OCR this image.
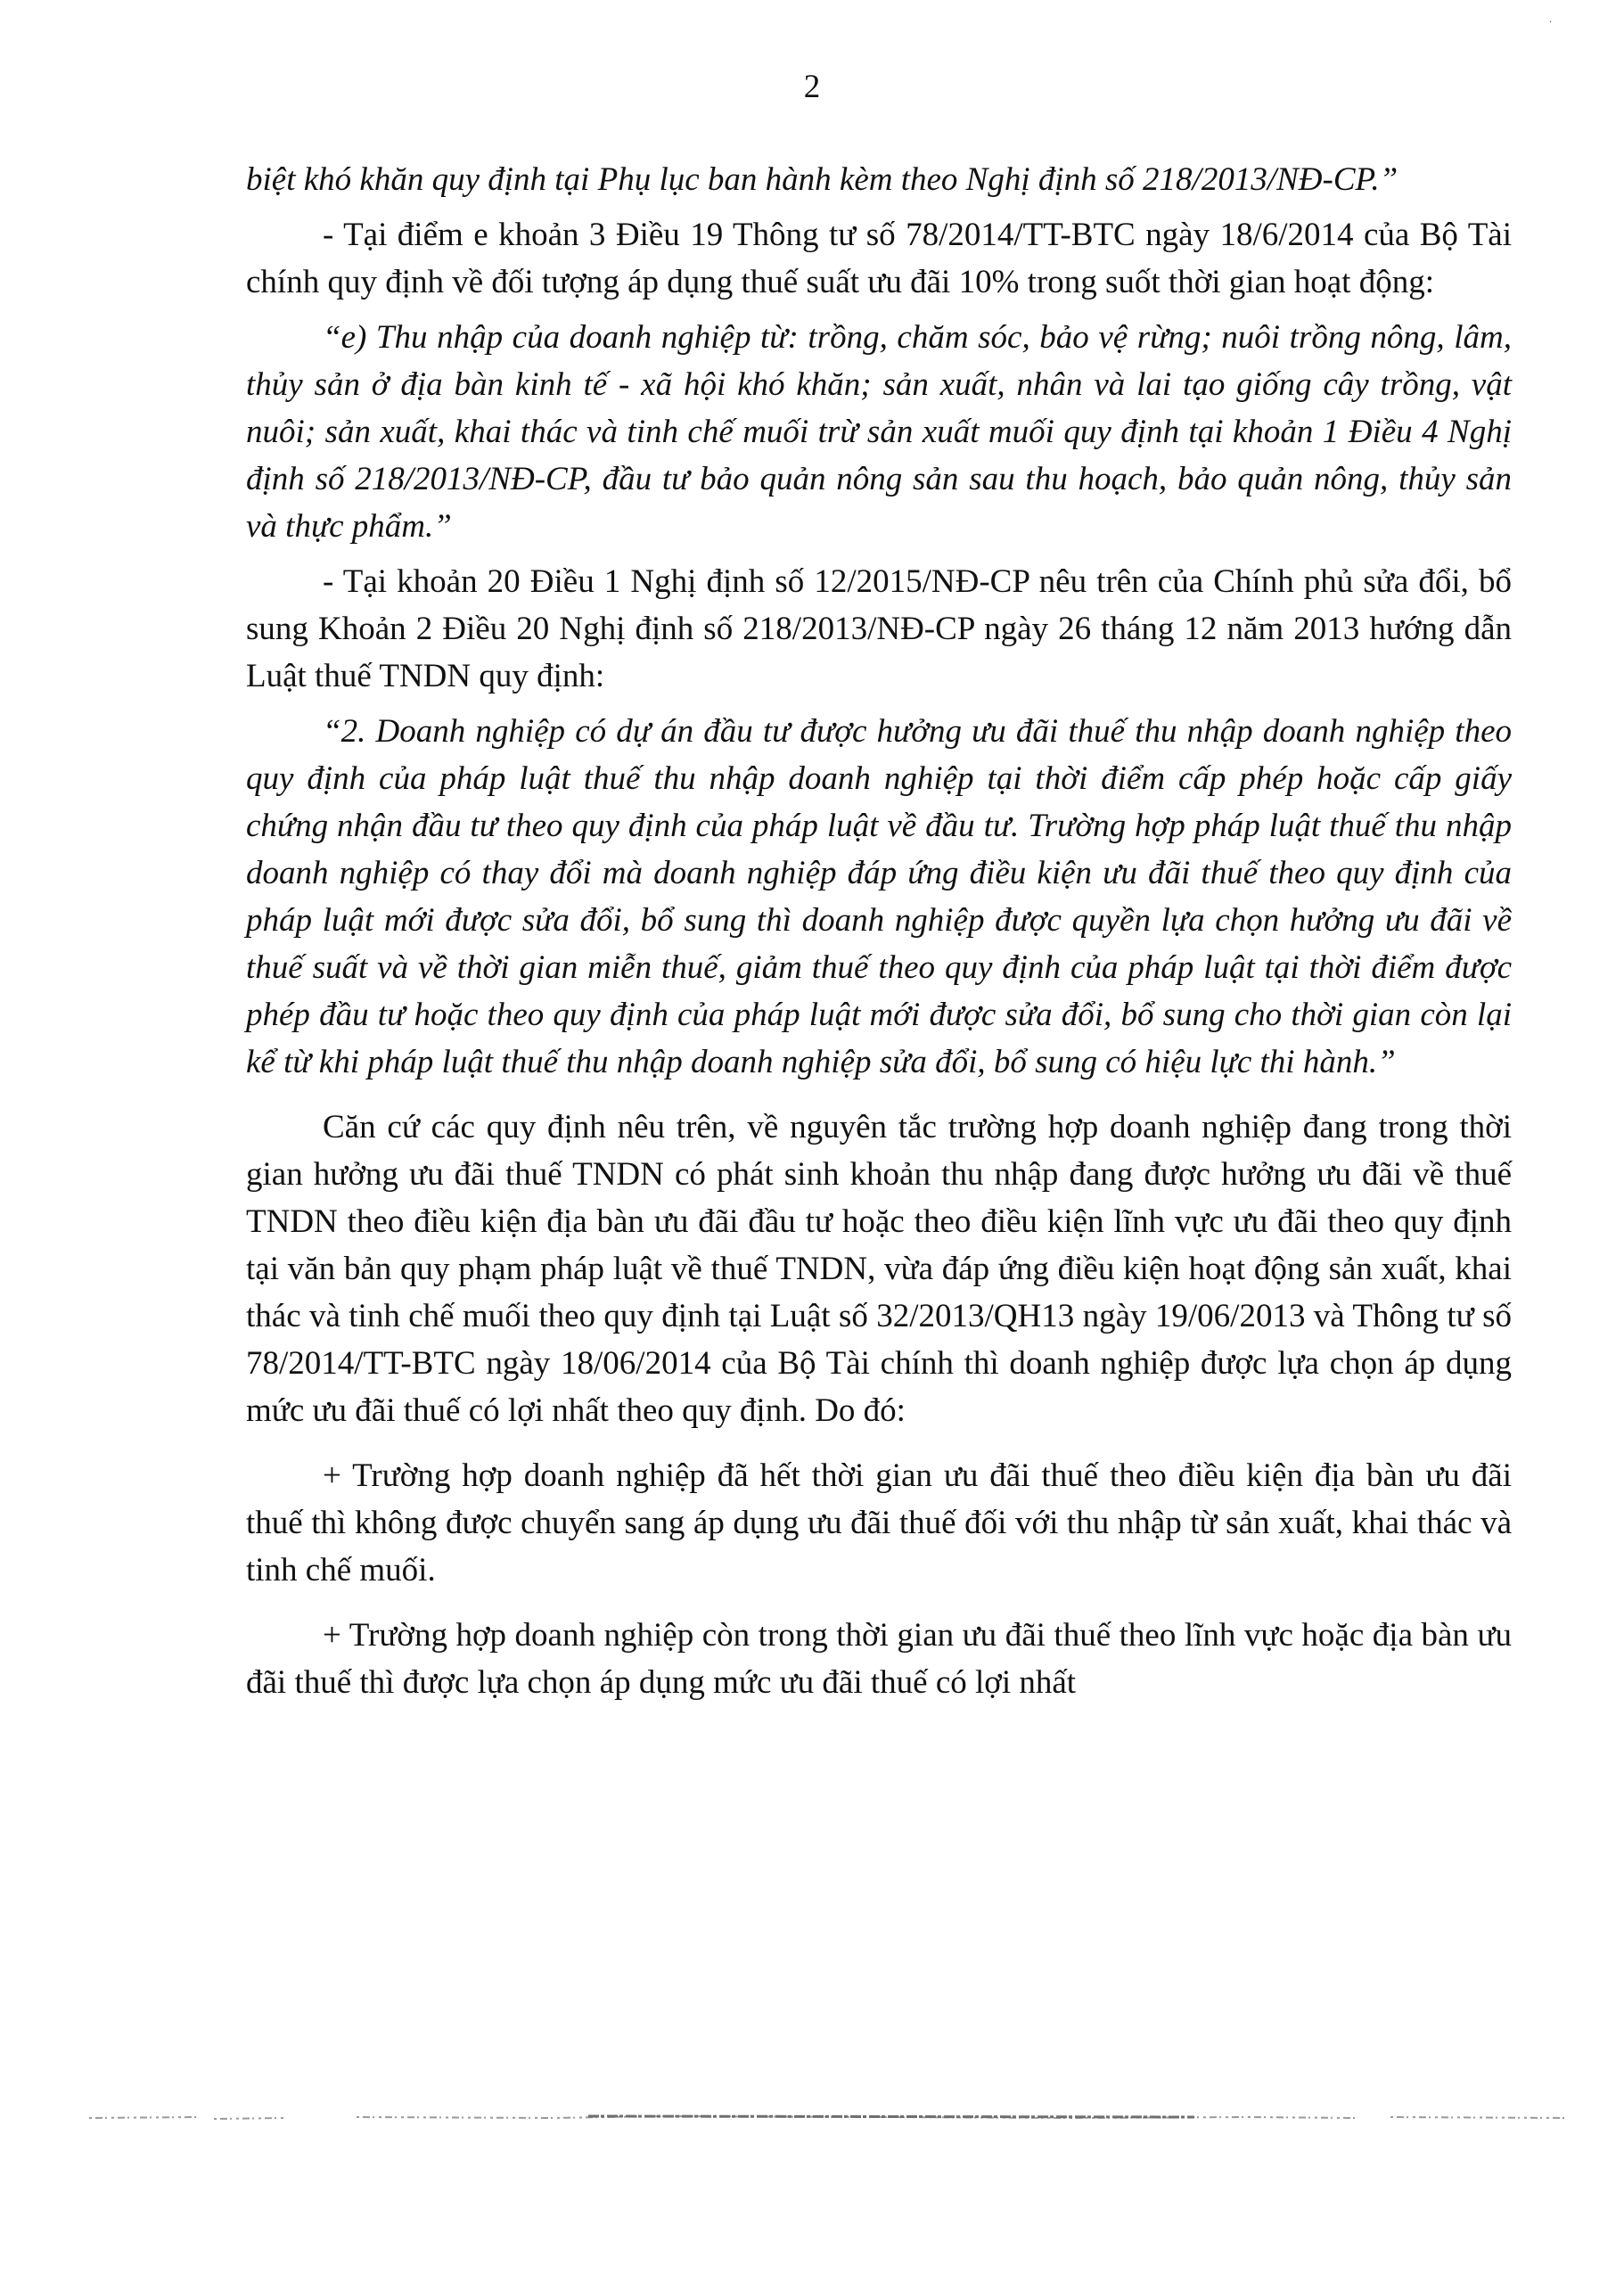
.
2

biệt khó khăn quy định tại Phụ lục ban hành kèm theo Nghị định số 218/2013/NĐ-CP.”

- Tại điểm e khoản 3 Điều 19 Thông tư số 78/2014/TT-BTC ngày 18/6/2014 của Bộ Tài chính quy định về đối tượng áp dụng thuế suất ưu đãi 10% trong suốt thời gian hoạt động:

“e) Thu nhập của doanh nghiệp từ: trồng, chăm sóc, bảo vệ rừng; nuôi trồng nông, lâm, thủy sản ở địa bàn kinh tế - xã hội khó khăn; sản xuất, nhân và lai tạo giống cây trồng, vật nuôi; sản xuất, khai thác và tinh chế muối trừ sản xuất muối quy định tại khoản 1 Điều 4 Nghị định số 218/2013/NĐ-CP, đầu tư bảo quản nông sản sau thu hoạch, bảo quản nông, thủy sản và thực phẩm.”

- Tại khoản 20 Điều 1 Nghị định số 12/2015/NĐ-CP nêu trên của Chính phủ sửa đổi, bổ sung Khoản 2 Điều 20 Nghị định số 218/2013/NĐ-CP ngày 26 tháng 12 năm 2013 hướng dẫn Luật thuế TNDN quy định:

“2. Doanh nghiệp có dự án đầu tư được hưởng ưu đãi thuế thu nhập doanh nghiệp theo quy định của pháp luật thuế thu nhập doanh nghiệp tại thời điểm cấp phép hoặc cấp giấy chứng nhận đầu tư theo quy định của pháp luật về đầu tư. Trường hợp pháp luật thuế thu nhập doanh nghiệp có thay đổi mà doanh nghiệp đáp ứng điều kiện ưu đãi thuế theo quy định của pháp luật mới được sửa đổi, bổ sung thì doanh nghiệp được quyền lựa chọn hưởng ưu đãi về thuế suất và về thời gian miễn thuế, giảm thuế theo quy định của pháp luật tại thời điểm được phép đầu tư hoặc theo quy định của pháp luật mới được sửa đổi, bổ sung cho thời gian còn lại kể từ khi pháp luật thuế thu nhập doanh nghiệp sửa đổi, bổ sung có hiệu lực thi hành.”

Căn cứ các quy định nêu trên, về nguyên tắc trường hợp doanh nghiệp đang trong thời gian hưởng ưu đãi thuế TNDN có phát sinh khoản thu nhập đang được hưởng ưu đãi về thuế TNDN theo điều kiện địa bàn ưu đãi đầu tư hoặc theo điều kiện lĩnh vực ưu đãi theo quy định tại văn bản quy phạm pháp luật về thuế TNDN, vừa đáp ứng điều kiện hoạt động sản xuất, khai thác và tinh chế muối theo quy định tại Luật số 32/2013/QH13 ngày 19/06/2013 và Thông tư số 78/2014/TT-BTC ngày 18/06/2014 của Bộ Tài chính thì doanh nghiệp được lựa chọn áp dụng mức ưu đãi thuế có lợi nhất theo quy định. Do đó:

+ Trường hợp doanh nghiệp đã hết thời gian ưu đãi thuế theo điều kiện địa bàn ưu đãi thuế thì không được chuyển sang áp dụng ưu đãi thuế đối với thu nhập từ sản xuất, khai thác và tinh chế muối.

+ Trường hợp doanh nghiệp còn trong thời gian ưu đãi thuế theo lĩnh vực hoặc địa bàn ưu đãi thuế thì được lựa chọn áp dụng mức ưu đãi thuế có lợi nhất
